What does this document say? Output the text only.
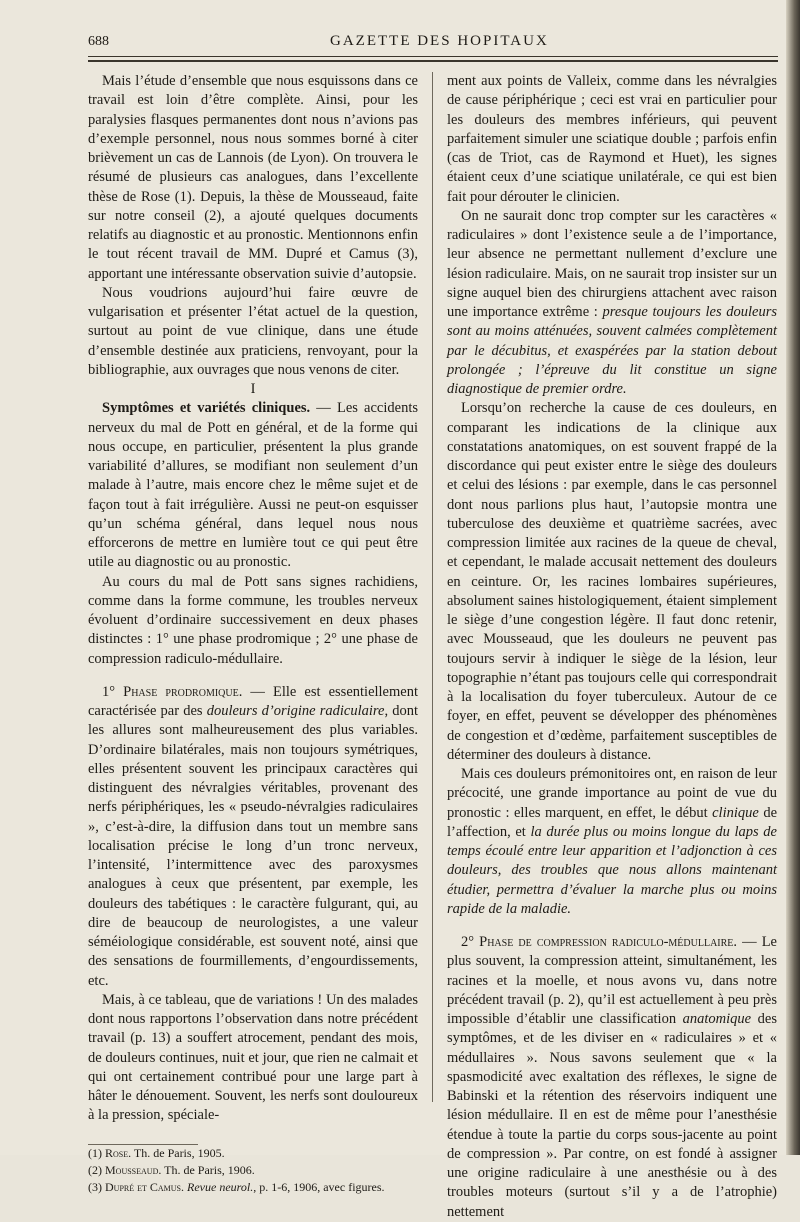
688	GAZETTE DES HOPITAUX

Mais l’étude d’ensemble que nous esquissons dans ce travail est loin d’être complète. Ainsi, pour les paralysies flasques permanentes dont nous n’avions pas d’exemple personnel, nous nous sommes borné à citer brièvement un cas de Lannois (de Lyon). On trouvera le résumé de plusieurs cas analogues, dans l’excellente thèse de Rose (1). Depuis, la thèse de Mousseaud, faite sur notre conseil (2), a ajouté quelques documents relatifs au diagnostic et au pronostic. Mentionnons enfin le tout récent travail de MM. Dupré et Camus (3), apportant une intéressante observation suivie d’autopsie.

Nous voudrions aujourd’hui faire œuvre de vulgarisation et présenter l’état actuel de la question, surtout au point de vue clinique, dans une étude d’ensemble destinée aux praticiens, renvoyant, pour la bibliographie, aux ouvrages que nous venons de citer.

I

Symptômes et variétés cliniques. — Les accidents nerveux du mal de Pott en général, et de la forme qui nous occupe, en particulier, présentent la plus grande variabilité d’allures, se modifiant non seulement d’un malade à l’autre, mais encore chez le même sujet et de façon tout à fait irrégulière. Aussi ne peut-on esquisser qu’un schéma général, dans lequel nous nous efforcerons de mettre en lumière tout ce qui peut être utile au diagnostic ou au pronostic.

Au cours du mal de Pott sans signes rachidiens, comme dans la forme commune, les troubles nerveux évoluent d’ordinaire successivement en deux phases distinctes : 1° une phase prodromique ; 2° une phase de compression radiculo-médullaire.

1° Phase prodromique. — Elle est essentiellement caractérisée par des douleurs d’origine radiculaire, dont les allures sont malheureusement des plus variables. D’ordinaire bilatérales, mais non toujours symétriques, elles présentent souvent les principaux caractères qui distinguent des névralgies véritables, provenant des nerfs périphériques, les « pseudo-névralgies radiculaires », c’est-à-dire, la diffusion dans tout un membre sans localisation précise le long d’un tronc nerveux, l’intensité, l’intermittence avec des paroxysmes analogues à ceux que présentent, par exemple, les douleurs des tabétiques : le caractère fulgurant, qui, au dire de beaucoup de neurologistes, a une valeur séméiologique considérable, est souvent noté, ainsi que des sensations de fourmillements, d’engourdissements, etc.

Mais, à ce tableau, que de variations ! Un des malades dont nous rapportons l’observation dans notre précédent travail (p. 13) a souffert atrocement, pendant des mois, de douleurs continues, nuit et jour, que rien ne calmait et qui ont certainement contribué pour une large part à hâter le dénouement. Souvent, les nerfs sont douloureux à la pression, spéciale-

(1) Rose. Th. de Paris, 1905.

(2) Mousseaud. Th. de Paris, 1906.

(3) Dupré et Camus. Revue neurol., p. 1-6, 1906, avec figures.

ment aux points de Valleix, comme dans les névralgies de cause périphérique ; ceci est vrai en particulier pour les douleurs des membres inférieurs, qui peuvent parfaitement simuler une sciatique double ; parfois enfin (cas de Triot, cas de Raymond et Huet), les signes étaient ceux d’une sciatique unilatérale, ce qui est bien fait pour dérouter le clinicien.

On ne saurait donc trop compter sur les caractères « radiculaires » dont l’existence seule a de l’importance, leur absence ne permettant nullement d’exclure une lésion radiculaire. Mais, on ne saurait trop insister sur un signe auquel bien des chirurgiens attachent avec raison une importance extrême : presque toujours les douleurs sont au moins atténuées, souvent calmées complètement par le décubitus, et exaspérées par la station debout prolongée ; l’épreuve du lit constitue un signe diagnostique de premier ordre.

Lorsqu’on recherche la cause de ces douleurs, en comparant les indications de la clinique aux constatations anatomiques, on est souvent frappé de la discordance qui peut exister entre le siège des douleurs et celui des lésions : par exemple, dans le cas personnel dont nous parlions plus haut, l’autopsie montra une tuberculose des deuxième et quatrième sacrées, avec compression limitée aux racines de la queue de cheval, et cependant, le malade accusait nettement des douleurs en ceinture. Or, les racines lombaires supérieures, absolument saines histologiquement, étaient simplement le siège d’une congestion légère. Il faut donc retenir, avec Mousseaud, que les douleurs ne peuvent pas toujours servir à indiquer le siège de la lésion, leur topographie n’étant pas toujours celle qui correspondrait à la localisation du foyer tuberculeux. Autour de ce foyer, en effet, peuvent se développer des phénomènes de congestion et d’œdème, parfaitement susceptibles de déterminer des douleurs à distance.

Mais ces douleurs prémonitoires ont, en raison de leur précocité, une grande importance au point de vue du pronostic : elles marquent, en effet, le début clinique de l’affection, et la durée plus ou moins longue du laps de temps écoulé entre leur apparition et l’adjonction à ces douleurs, des troubles que nous allons maintenant étudier, permettra d’évaluer la marche plus ou moins rapide de la maladie.

2° Phase de compression radiculo-médullaire. — Le plus souvent, la compression atteint, simultanément, les racines et la moelle, et nous avons vu, dans notre précédent travail (p. 2), qu’il est actuellement à peu près impossible d’établir une classification anatomique des symptômes, et de les diviser en « radiculaires » et « médullaires ». Nous savons seulement que « la spasmodicité avec exaltation des réflexes, le signe de Babinski et la rétention des réservoirs indiquent une lésion médullaire. Il en est de même pour l’anesthésie étendue à toute la partie du corps sous-jacente au point de compression ». Par contre, on est fondé à assigner une origine radiculaire à une anesthésie ou à des troubles moteurs (surtout s’il y a de l’atrophie) nettement
